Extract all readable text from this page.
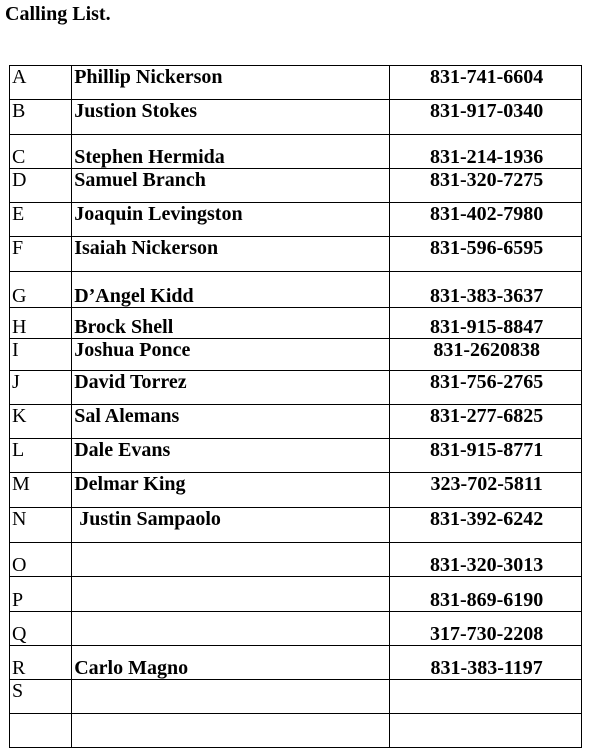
Calling List.
A	Phillip Nickerson	831-741-6604
B	Justion Stokes	831-917-0340
C	Stephen Hermida	831-214-1936
D	Samuel Branch	831-320-7275
E	Joaquin Levingston	831-402-7980
F	Isaiah Nickerson	831-596-6595
G	D’Angel Kidd	831-383-3637
H	Brock Shell	831-915-8847
I	Joshua Ponce	831-2620838
J	David Torrez	831-756-2765
K	Sal Alemans	831-277-6825
L	Dale Evans	831-915-8771
M	Delmar King	323-702-5811
N	Justin Sampaolo	831-392-6242
O		831-320-3013
P		831-869-6190
Q		317-730-2208
R	Carlo Magno	831-383-1197
S		
